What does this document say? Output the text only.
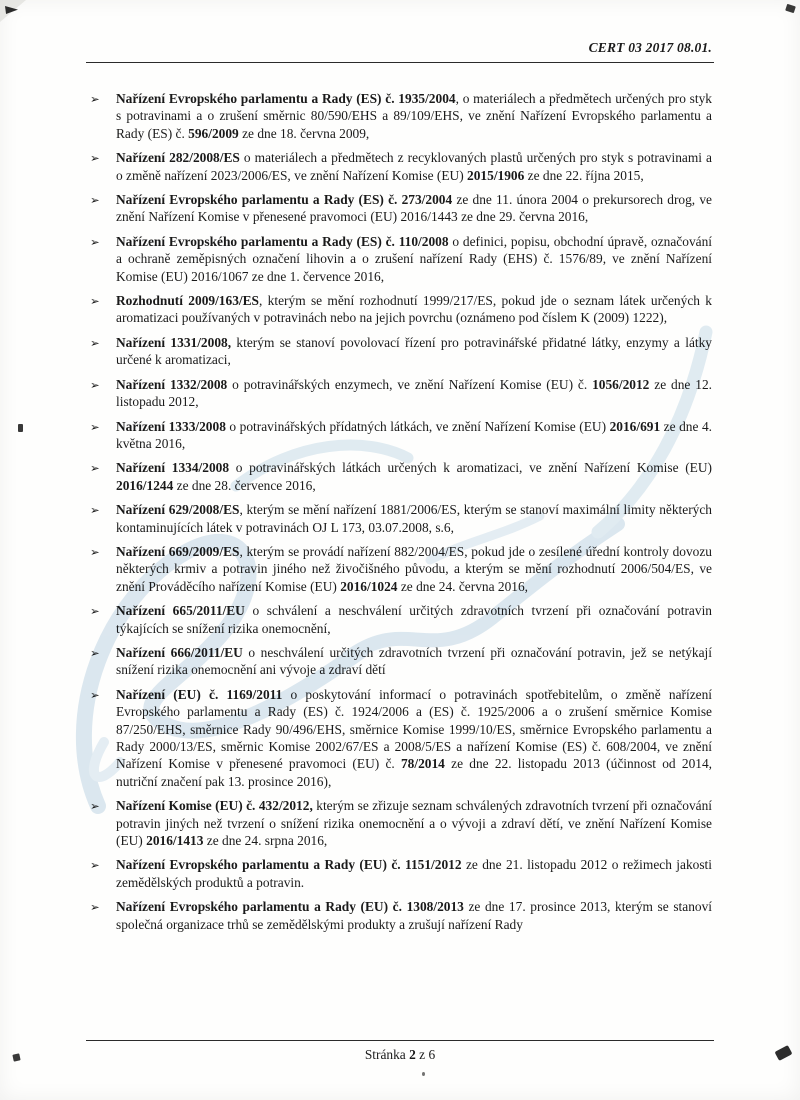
CERT 03 2017 08.01.
➢	Nařízení Evropského parlamentu a Rady (ES) č. 1935/2004, o materiálech a předmětech určených pro styk s potravinami a o zrušení směrnic 80/590/EHS a 89/109/EHS, ve znění Nařízení Evropského parlamentu a Rady (ES) č. 596/2009 ze dne 18. června 2009,
➢	Nařízení 282/2008/ES o materiálech a předmětech z recyklovaných plastů určených pro styk s potravinami a o změně nařízení 2023/2006/ES, ve znění Nařízení Komise (EU) 2015/1906 ze dne 22. října 2015,
➢	Nařízení Evropského parlamentu a Rady (ES) č. 273/2004 ze dne 11. února 2004 o prekursorech drog, ve znění Nařízení Komise v přenesené pravomoci (EU) 2016/1443 ze dne 29. června 2016,
➢	Nařízení Evropského parlamentu a Rady (ES) č. 110/2008 o definici, popisu, obchodní úpravě, označování a ochraně zeměpisných označení lihovin a o zrušení nařízení Rady (EHS) č. 1576/89, ve znění Nařízení Komise (EU) 2016/1067 ze dne 1. července 2016,
➢	Rozhodnutí 2009/163/ES, kterým se mění rozhodnutí 1999/217/ES, pokud jde o seznam látek určených k aromatizaci používaných v potravinách nebo na jejich povrchu (oznámeno pod číslem K (2009) 1222),
➢	Nařízení 1331/2008, kterým se stanoví povolovací řízení pro potravinářské přidatné látky, enzymy a látky určené k aromatizaci,
➢	Nařízení 1332/2008 o potravinářských enzymech, ve znění Nařízení Komise (EU) č. 1056/2012 ze dne 12. listopadu 2012,
➢	Nařízení 1333/2008 o potravinářských přídatných látkách, ve znění Nařízení Komise (EU) 2016/691 ze dne 4. května 2016,
➢	Nařízení 1334/2008 o potravinářských látkách určených k aromatizaci, ve znění Nařízení Komise (EU) 2016/1244 ze dne 28. července 2016,
➢	Nařízení 629/2008/ES, kterým se mění nařízení 1881/2006/ES, kterým se stanoví maximální limity některých kontaminujících látek v potravinách OJ L 173, 03.07.2008, s.6,
➢	Nařízení 669/2009/ES, kterým se provádí nařízení 882/2004/ES, pokud jde o zesílené úřední kontroly dovozu některých krmiv a potravin jiného než živočišného původu, a kterým se mění rozhodnutí 2006/504/ES, ve znění Prováděcího nařízení Komise (EU) 2016/1024 ze dne 24. června 2016,
➢	Nařízení 665/2011/EU o schválení a neschválení určitých zdravotních tvrzení při označování potravin týkajících se snížení rizika onemocnění,
➢	Nařízení 666/2011/EU o neschválení určitých zdravotních tvrzení při označování potravin, jež se netýkají snížení rizika onemocnění ani vývoje a zdraví dětí
➢	Nařízení (EU) č. 1169/2011 o poskytování informací o potravinách spotřebitelům, o změně nařízení Evropského parlamentu a Rady (ES) č. 1924/2006 a (ES) č. 1925/2006 a o zrušení směrnice Komise 87/250/EHS, směrnice Rady 90/496/EHS, směrnice Komise 1999/10/ES, směrnice Evropského parlamentu a Rady 2000/13/ES, směrnic Komise 2002/67/ES a 2008/5/ES a nařízení Komise (ES) č. 608/2004, ve znění Nařízení Komise v přenesené pravomoci (EU) č. 78/2014 ze dne 22. listopadu 2013 (účinnost od 2014, nutriční značení pak 13. prosince 2016),
➢	Nařízení Komise (EU) č. 432/2012, kterým se zřizuje seznam schválených zdravotních tvrzení při označování potravin jiných než tvrzení o snížení rizika onemocnění a o vývoji a zdraví dětí, ve znění Nařízení Komise (EU) 2016/1413 ze dne 24. srpna 2016,
➢	Nařízení Evropského parlamentu a Rady (EU) č. 1151/2012 ze dne 21. listopadu 2012 o režimech jakosti zemědělských produktů a potravin.
➢	Nařízení Evropského parlamentu a Rady (EU) č. 1308/2013 ze dne 17. prosince 2013, kterým se stanoví společná organizace trhů se zemědělskými produkty a zrušují nařízení Rady
Stránka 2 z 6
